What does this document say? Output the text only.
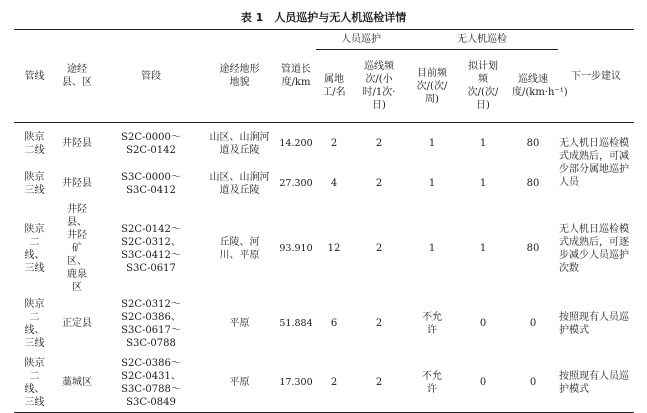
表 1　人员巡护与无人机巡检详情
管线	途经县、区	管段	途经地形地貌	管道长度/km	人员巡护		无人机巡检			下一步建议
					属地工/名	巡线频次/(小时/1次·日)	目前频次/(次/周)	拟计划频次/(次/日)	巡线速度/(km·h⁻¹)	
陕京二线	井陉县	S2C-0000～S2C-0142	山区、山涧河道及丘陵	14.200	2	2	1	1	80	无人机日巡检模式成熟后，可减少部分属地巡护人员
陕京三线	井陉县	S3C-0000～S3C-0412	山区、山涧河道及丘陵	27.300	4	2	1	1	80	
陕京二线、三线	井陉县、井陉矿区、鹿泉区	S2C-0142～S2C-0312、S3C-0412～S3C-0617	丘陵、河川、平原	93.910	12	2	1	1	80	无人机日巡检模式成熟后，可逐步减少人员巡护次数
陕京二线、三线	正定县	S2C-0312～S2C-0386、S3C-0617～S3C-0788	平原	51.884	6	2	不允许	0	0	按照现有人员巡护模式
陕京二线、三线	藁城区	S2C-0386～S2C-0431、S3C-0788～S3C-0849	平原	17.300	2	2	不允许	0	0	按照现有人员巡护模式
